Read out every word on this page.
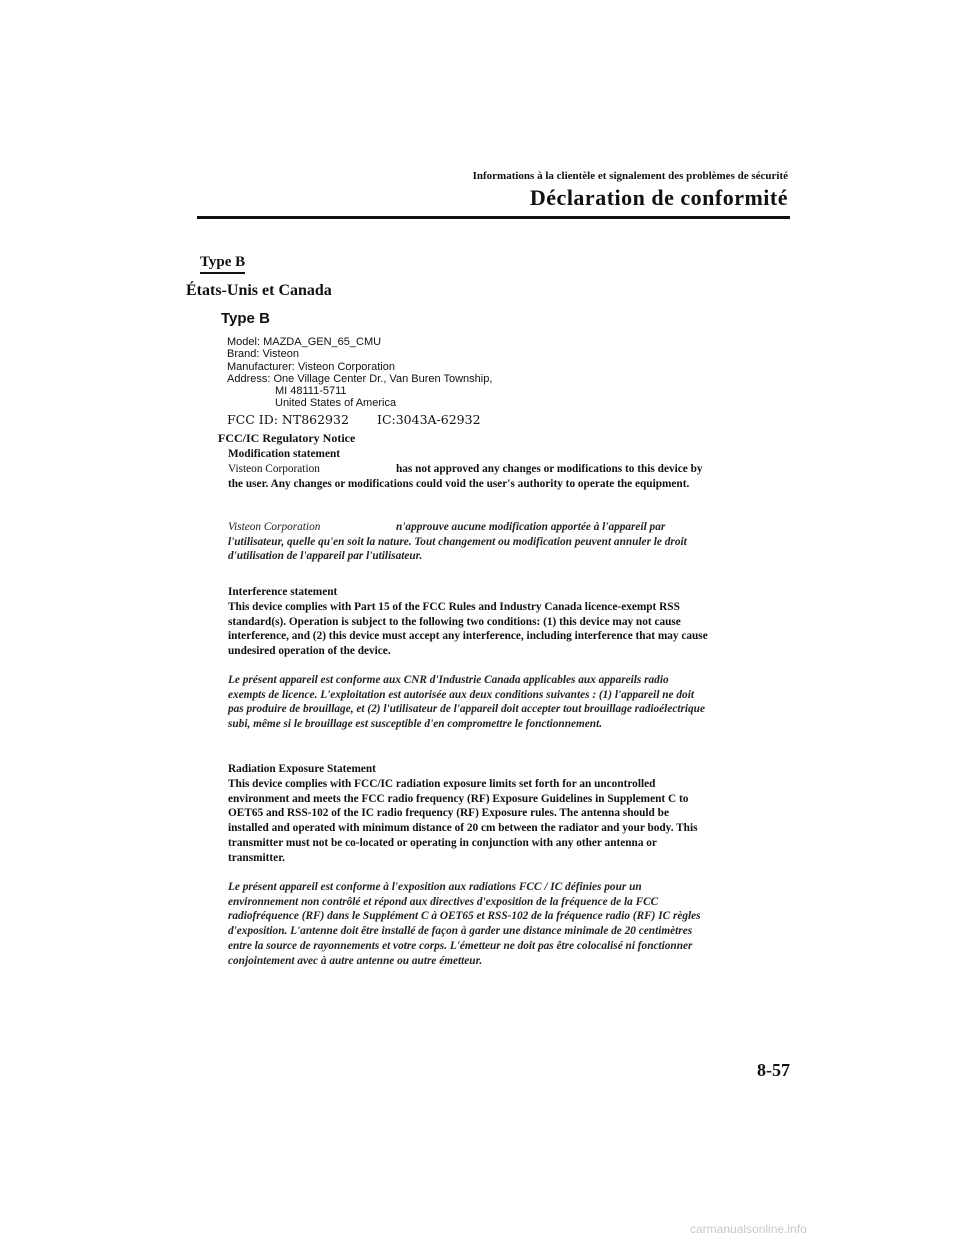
Informations à la clientèle et signalement des problèmes de sécurité
Déclaration de conformité
Type B
États-Unis et Canada
Type B
Model: MAZDA_GEN_65_CMU
Brand: Visteon
Manufacturer: Visteon Corporation
Address: One Village Center Dr., Van Buren Township,
MI 48111-5711
United States of America
FCC ID: NT862932 IC:3043A-62932
FCC/IC Regulatory Notice
Modification statement
Visteon Corporation	has not approved any changes or modifications to this device by the user. Any changes or modifications could void the user's authority to operate the equipment.
Visteon Corporation	n'approuve aucune modification apportée à l'appareil par l'utilisateur, quelle qu'en soit la nature. Tout changement ou modification peuvent annuler le droit d'utilisation de l'appareil par l'utilisateur.
Interference statement
This device complies with Part 15 of the FCC Rules and Industry Canada licence-exempt RSS standard(s). Operation is subject to the following two conditions: (1) this device may not cause interference, and (2) this device must accept any interference, including interference that may cause undesired operation of the device.
Le présent appareil est conforme aux CNR d'Industrie Canada applicables aux appareils radio exempts de licence. L'exploitation est autorisée aux deux conditions suivantes : (1) l'appareil ne doit pas produire de brouillage, et (2) l'utilisateur de l'appareil doit accepter tout brouillage radioélectrique subi, même si le brouillage est susceptible d'en compromettre le fonctionnement.
Radiation Exposure Statement
This device complies with FCC/IC radiation exposure limits set forth for an uncontrolled environment and meets the FCC radio frequency (RF) Exposure Guidelines in Supplement C to OET65 and RSS-102 of the IC radio frequency (RF) Exposure rules. The antenna should be installed and operated with minimum distance of 20 cm between the radiator and your body. This transmitter must not be co-located or operating in conjunction with any other antenna or transmitter.
Le présent appareil est conforme à l'exposition aux radiations FCC / IC définies pour un environnement non contrôlé et répond aux directives d'exposition de la fréquence de la FCC radiofréquence (RF) dans le Supplément C à OET65 et RSS-102 de la fréquence radio (RF) IC règles d'exposition. L'antenne doit être installé de façon à garder une distance minimale de 20 centimètres entre la source de rayonnements et votre corps. L'émetteur ne doit pas être colocalisé ni fonctionner conjointement avec à autre antenne ou autre émetteur.
8-57
carmanualsonline.info
